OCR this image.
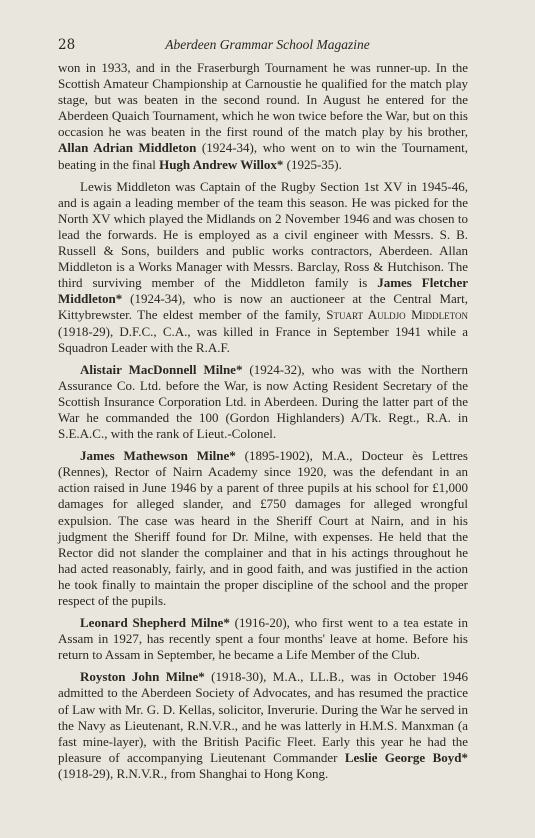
28	Aberdeen Grammar School Magazine

won in 1933, and in the Fraserburgh Tournament he was runner-up. In the Scottish Amateur Championship at Carnoustie he qualified for the match play stage, but was beaten in the second round. In August he entered for the Aberdeen Quaich Tournament, which he won twice before the War, but on this occasion he was beaten in the first round of the match play by his brother, Allan Adrian Middleton (1924-34), who went on to win the Tournament, beating in the final Hugh Andrew Willox* (1925-35).

Lewis Middleton was Captain of the Rugby Section 1st XV in 1945-46, and is again a leading member of the team this season. He was picked for the North XV which played the Midlands on 2 November 1946 and was chosen to lead the forwards. He is employed as a civil engineer with Messrs. S. B. Russell & Sons, builders and public works contractors, Aberdeen. Allan Middleton is a Works Manager with Messrs. Barclay, Ross & Hutchison. The third surviving member of the Middleton family is James Fletcher Middleton* (1924-34), who is now an auctioneer at the Central Mart, Kittybrewster. The eldest member of the family, Stuart Auldjo Middleton (1918-29), D.F.C., C.A., was killed in France in September 1941 while a Squadron Leader with the R.A.F.

Alistair MacDonnell Milne* (1924-32), who was with the Northern Assurance Co. Ltd. before the War, is now Acting Resident Secretary of the Scottish Insurance Corporation Ltd. in Aberdeen. During the latter part of the War he commanded the 100 (Gordon Highlanders) A/Tk. Regt., R.A. in S.E.A.C., with the rank of Lieut.-Colonel.

James Mathewson Milne* (1895-1902), M.A., Docteur ès Lettres (Rennes), Rector of Nairn Academy since 1920, was the defendant in an action raised in June 1946 by a parent of three pupils at his school for £1,000 damages for alleged slander, and £750 damages for alleged wrongful expulsion. The case was heard in the Sheriff Court at Nairn, and in his judgment the Sheriff found for Dr. Milne, with expenses. He held that the Rector did not slander the complainer and that in his actings throughout he had acted reasonably, fairly, and in good faith, and was justified in the action he took finally to maintain the proper discipline of the school and the proper respect of the pupils.

Leonard Shepherd Milne* (1916-20), who first went to a tea estate in Assam in 1927, has recently spent a four months' leave at home. Before his return to Assam in September, he became a Life Member of the Club.

Royston John Milne* (1918-30), M.A., LL.B., was in October 1946 admitted to the Aberdeen Society of Advocates, and has resumed the practice of Law with Mr. G. D. Kellas, solicitor, Inverurie. During the War he served in the Navy as Lieutenant, R.N.V.R., and he was latterly in H.M.S. Manxman (a fast mine-layer), with the British Pacific Fleet. Early this year he had the pleasure of accompanying Lieutenant Commander Leslie George Boyd* (1918-29), R.N.V.R., from Shanghai to Hong Kong.
